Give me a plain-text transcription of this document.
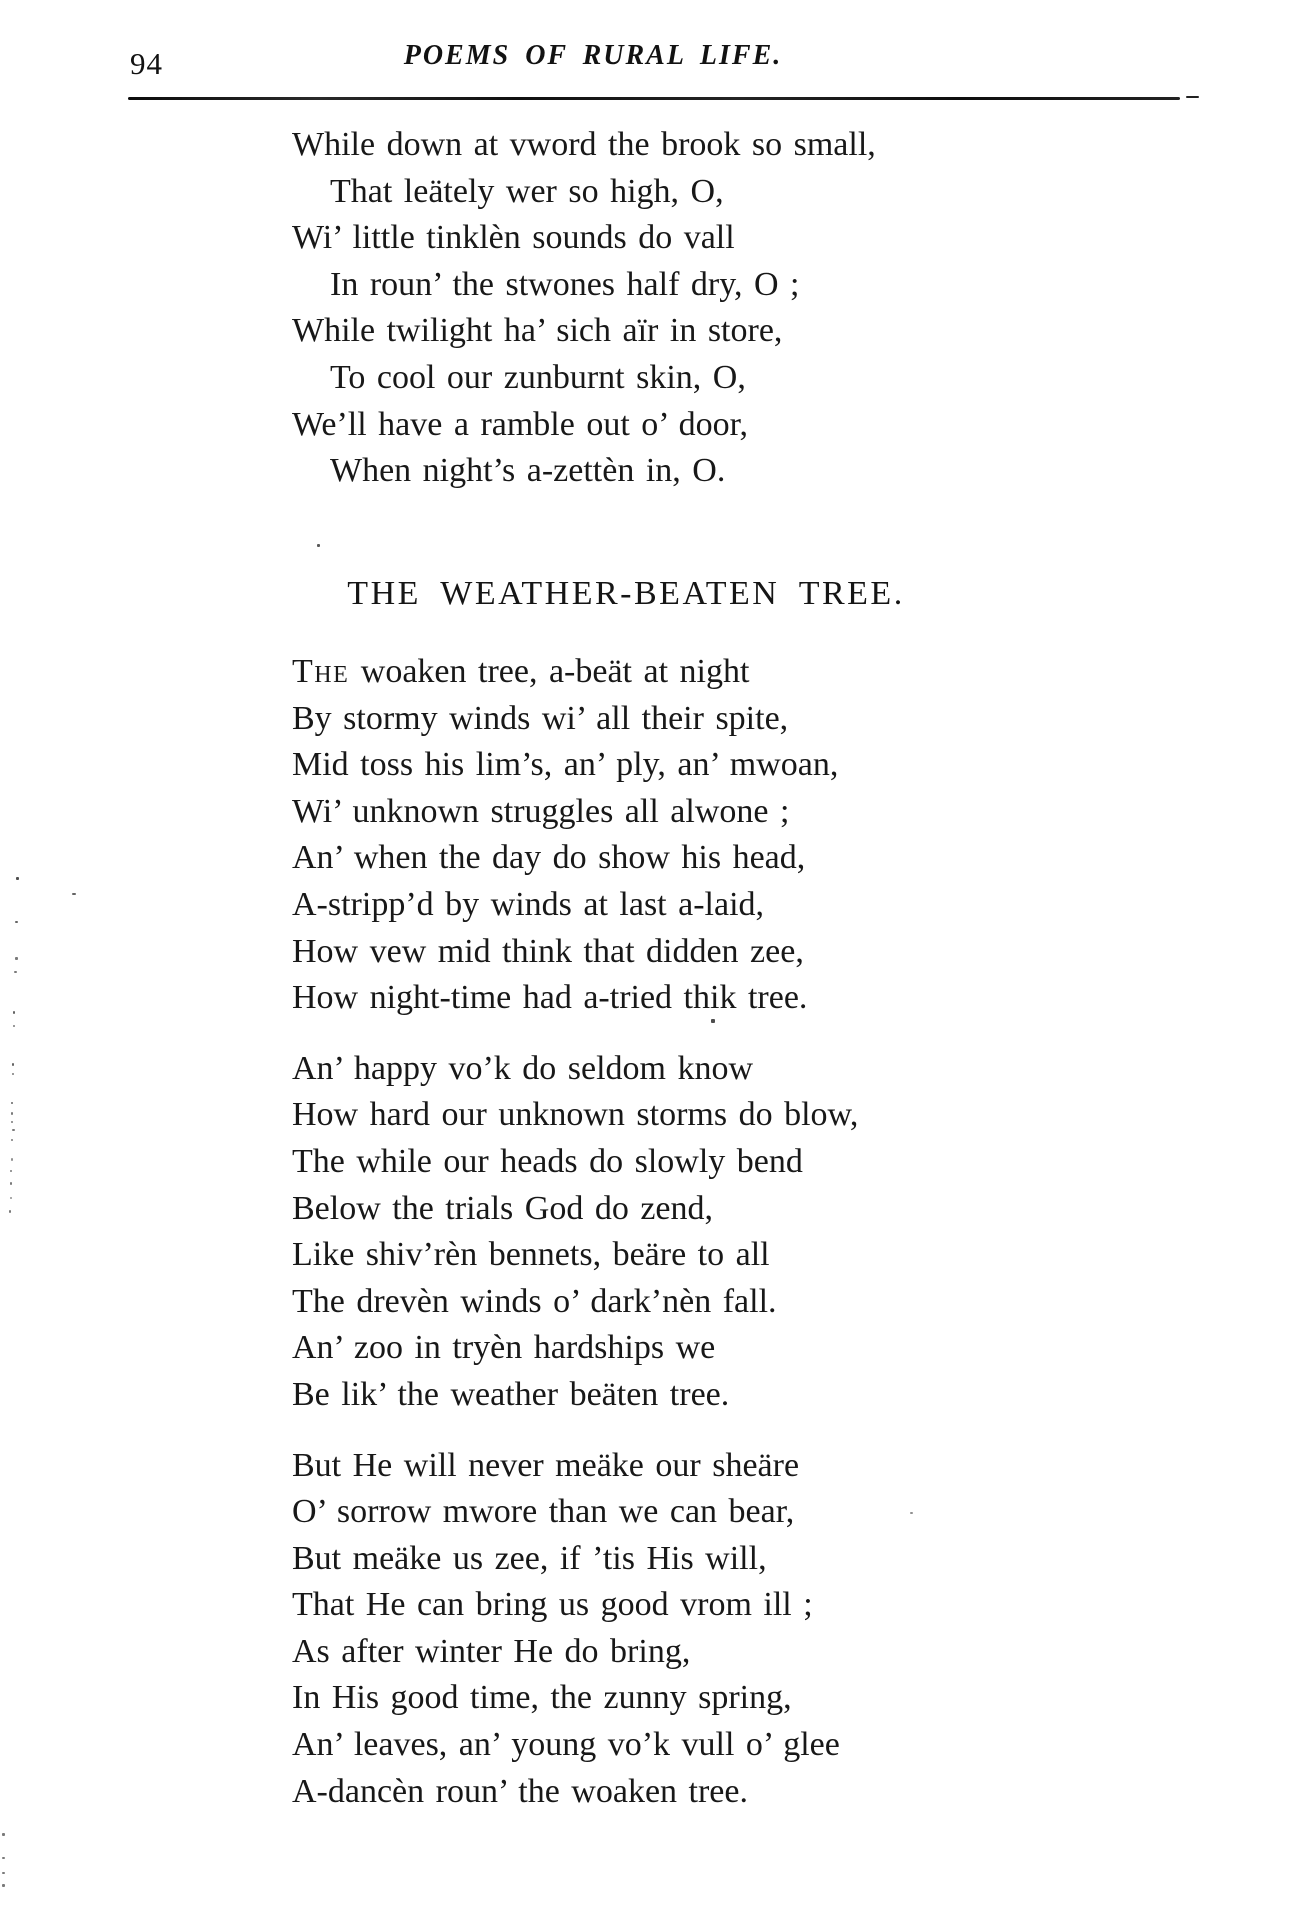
94	POEMS OF RURAL LIFE.
While down at vword the brook so small,
That leätely wer so high, O,
Wi’ little tinklèn sounds do vall
In roun’ the stwones half dry, O ;
While twilight ha’ sich aïr in store,
To cool our zunburnt skin, O,
We’ll have a ramble out o’ door,
When night’s a-zettèn in, O.
THE WEATHER-BEATEN TREE.
The woaken tree, a-beät at night
By stormy winds wi’ all their spite,
Mid toss his lim’s, an’ ply, an’ mwoan,
Wi’ unknown struggles all alwone ;
An’ when the day do show his head,
A-stripp’d by winds at last a-laid,
How vew mid think that didden zee,
How night-time had a-tried thik tree.
An’ happy vo’k do seldom know
How hard our unknown storms do blow,
The while our heads do slowly bend
Below the trials God do zend,
Like shiv’rèn bennets, beäre to all
The drevèn winds o’ dark’nèn fall.
An’ zoo in tryèn hardships we
Be lik’ the weather beäten tree.
But He will never meäke our sheäre
O’ sorrow mwore than we can bear,
But meäke us zee, if ’tis His will,
That He can bring us good vrom ill ;
As after winter He do bring,
In His good time, the zunny spring,
An’ leaves, an’ young vo’k vull o’ glee
A-dancèn roun’ the woaken tree.
